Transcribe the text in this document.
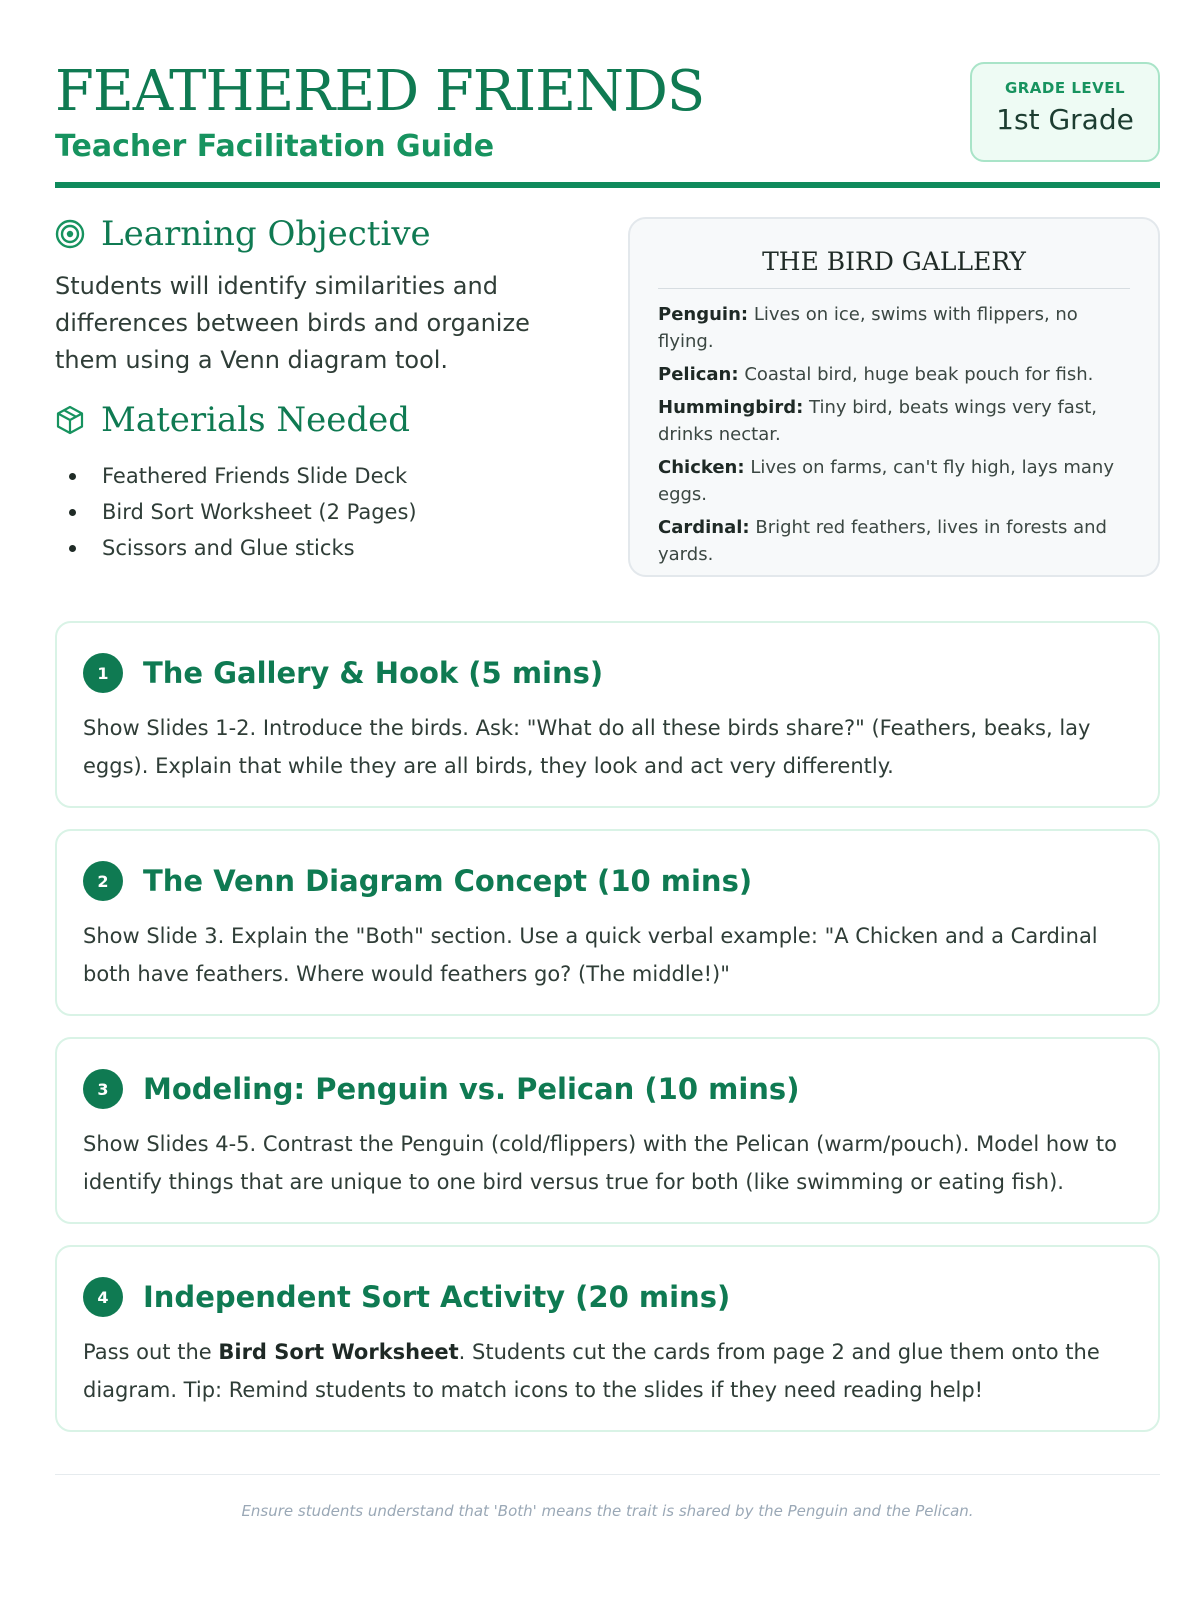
FEATHERED FRIENDS

Teacher Facilitation Guide

GRADE LEVEL
1st Grade
Learning Objective

Students will identify similarities and differences between birds and organize them using a Venn diagram tool.

Materials Needed
Feathered Friends Slide Deck
Bird Sort Worksheet (2 Pages)
Scissors and Glue sticks
THE BIRD GALLERY
Penguin: Lives on ice, swims with flippers, no flying.
Pelican: Coastal bird, huge beak pouch for fish.
Hummingbird: Tiny bird, beats wings very fast, drinks nectar.
Chicken: Lives on farms, can't fly high, lays many eggs.
Cardinal: Bright red feathers, lives in forests and yards.
1	The Gallery & Hook (5 mins)

Show Slides 1-2. Introduce the birds. Ask: "What do all these birds share?" (Feathers, beaks, lay eggs). Explain that while they are all birds, they look and act very differently.

2	The Venn Diagram Concept (10 mins)

Show Slide 3. Explain the "Both" section. Use a quick verbal example: "A Chicken and a Cardinal both have feathers. Where would feathers go? (The middle!)"

3	Modeling: Penguin vs. Pelican (10 mins)

Show Slides 4-5. Contrast the Penguin (cold/flippers) with the Pelican (warm/pouch). Model how to identify things that are unique to one bird versus true for both (like swimming or eating fish).

4	Independent Sort Activity (20 mins)

Pass out the Bird Sort Worksheet. Students cut the cards from page 2 and glue them onto the diagram. Tip: Remind students to match icons to the slides if they need reading help!

Ensure students understand that 'Both' means the trait is shared by the Penguin and the Pelican.
